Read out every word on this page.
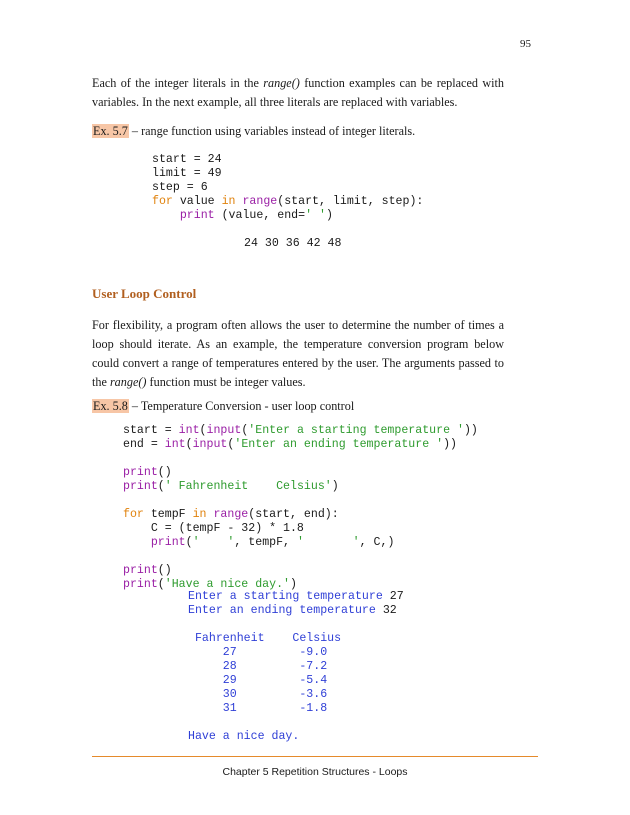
95
Each of the integer literals in the range() function examples can be replaced with variables. In the next example, all three literals are replaced with variables.
Ex. 5.7 – range function using variables instead of integer literals.
start = 24
limit = 49
step = 6
for value in range(start, limit, step):
print (value, end=' ')
24 30 36 42 48
User Loop Control
For flexibility, a program often allows the user to determine the number of times a loop should iterate. As an example, the temperature conversion program below could convert a range of temperatures entered by the user. The arguments passed to the range() function must be integer values.
Ex. 5.8 – Temperature Conversion - user loop control
start = int(input('Enter a starting temperature '))
end = int(input('Enter an ending temperature '))

print()
print(' Fahrenheit    Celsius')

for tempF in range(start, end):
C = (tempF - 32) * 1.8
print('    ', tempF, '       ', C,)

print()
print('Have a nice day.')
Enter a starting temperature 27
Enter an ending temperature 32

Fahrenheit    Celsius
27	-9.0
28	-7.2
29	-5.4
30	-3.6
31	-1.8

Have a nice day.
Chapter 5 Repetition Structures - Loops
